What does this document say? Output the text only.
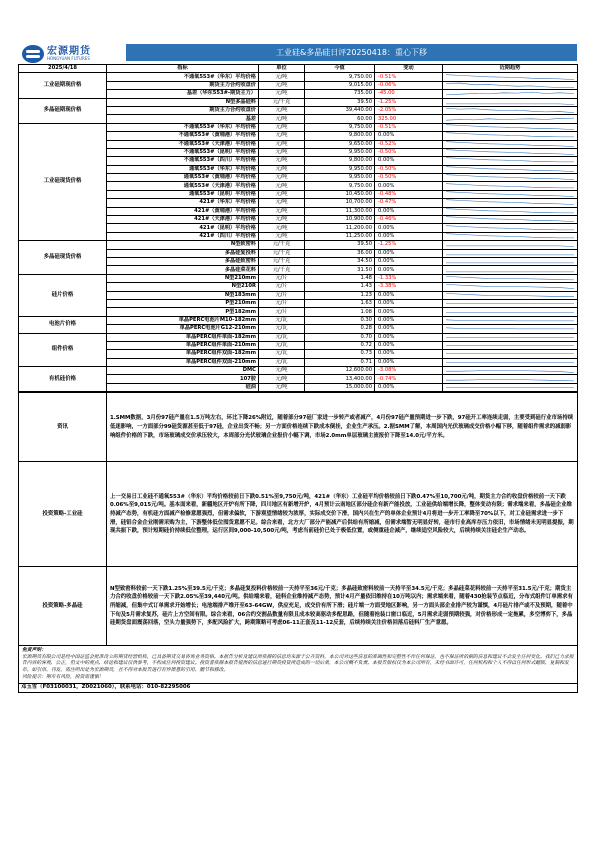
宏源期货
HONGYUAN FUTURES
工业硅&多晶硅日评20250418：重心下移
2025/4/18	指标	单位	今值	变动	近期趋势
工业硅期现价格	不通氧553#（华东）平均价格	元/吨	9,750.00	-0.51%	

	期货主力合约收盘价	元/吨	9,015.00	-0.06%	

	基差（华东553#-期货主力）	元/吨	735.00	-45.00	

多晶硅期现价格	N型多晶硅料	元/千克	39.50	-1.25%	

	期货主力合约收盘价	元/吨	39,440.00	-2.05%	

	基差	元/吨	60.00	325.00	

工业硅现货价格	不通氧553#（华东）平均价格	元/吨	9,750.00	-0.51%	

	不通氧553#（黄埔港）平均价格	元/吨	9,800.00	0.00%	

	不通氧553#（天津港）平均价格	元/吨	9,650.00	-0.52%	

	不通氧553#（昆明）平均价格	元/吨	9,950.00	-0.50%	

	不通氧553#（四川）平均价格	元/吨	9,800.00	0.00%	

	通氧553#（华东）平均价格	元/吨	9,950.00	-0.50%	

	通氧553#（黄埔港）平均价格	元/吨	9,950.00	-0.50%	

	通氧553#（天津港）平均价格	元/吨	9,750.00	0.00%	

	通氧553#（昆明）平均价格	元/吨	10,450.00	-0.48%	

	421#（华东）平均价格	元/吨	10,700.00	-0.47%	

	421#（黄埔港）平均价格	元/吨	11,300.00	0.00%	

	421#（天津港）平均价格	元/吨	10,900.00	-0.46%	

	421#（昆明）平均价格	元/吨	11,200.00	0.00%	

	421#（四川）平均价格	元/吨	11,250.00	0.00%	

多晶硅现货价格	N型致密料	元/千克	39.50	-1.25%	

	多晶硅复投料	元/千克	36.00	0.00%	

	多晶硅致密料	元/千克	34.50	0.00%	

	多晶硅菜花料	元/千克	31.50	0.00%	

硅片价格	N型210mm	元/片	1.48	-1.33%	

	N型210R	元/片	1.43	-3.38%	

	N型183mm	元/片	1.23	0.00%	

	P型210mm	元/片	1.63	0.00%	

	P型182mm	元/片	1.08	0.00%	

电池片价格	单晶PERC电池片M10-182mm	元/瓦	0.30	0.00%	

	单晶PERC电池片G12-210mm	元/瓦	0.28	0.00%	

组件价格	单晶PERC组件单面-182mm	元/瓦	0.70	0.00%	

	单晶PERC组件单面-210mm	元/瓦	0.72	0.00%	

	单晶PERC组件双面-182mm	元/瓦	0.73	0.00%	

	单晶PERC组件双面-210mm	元/瓦	0.71	0.00%	

有机硅价格	DMC	元/吨	12,600.00	-3.08%	

	107胶	元/吨	13,400.00	-0.74%	

	硅油	元/吨	15,000.00	0.00%	
资讯	1.SMM数据，3月份97硅产量在1.5万吨左右，环比下降26%附近，随着部分97硅厂家进一步转产或者减产，4月份97硅产量预期进一步下跌，97硅开工率连续走弱，主要受到硅行业市场持续低迷影响，一方面部分99硅货源甚至低于97硅，企业出货不畅；另一方面价格连续下跌成本倒挂，企业生产承压。2.据SMM了解，本周国内光伏玻璃成交价格小幅下移，随着组件需求的减弱影响组件价格的下跌，市场玻璃成交价承压较大，本周部分光伏玻璃企业报价小幅下调，市场2.0mm单层玻璃主流报价下降至14.0元/平方米。
投资策略-工业硅	上一交易日工业硅不通氧553#（华东）平均价格较前日下跌0.51%至9,750元/吨，421#（华东）工业硅平均价格较前日下跌0.47%至10,700元/吨，期货主力合约收盘价格较前一天下跌0.06%至9,015元/吨。基本面来看，新疆地区开炉有所下降，四川地区有新增开炉，4月预计云南地区部分硅企有新产能投放，工业硅供给端增长降，整体变动有限；需求端来看，多晶硅企业维持减产态势，有机硅方面减产检修意愿强烈，但需求偏软，下游观望情绪较为浓厚，实际成交价下滑，国内兴在生产的单体企业预计4月将进一步开工率降至70%以下，对工业硅需求进一步下滑，硅铝合金企业刚需采购为主，下游整体低位囤货意愿不足。综合来看，北方大厂部分产能减产后供给有所缩减，但需求端暂无明显好转，硅市行业高库存压力依旧，市场情绪未见明显提振，期现共振下跌，预计短期硅价持续低位整理，运行区间9,000-10,500元/吨，考虑当前硅价已处于极低位置，或侧重硅企减产，继续追空风险较大，后续持续关注硅企生产动态。
投资策略-多晶硅	N型致密料较前一天下跌1.25%至39.5元/千克；多晶硅复投料价格较前一天持平至36元/千克；多晶硅致密料较前一天持平至34.5元/千克；多晶硅菜花料较前一天持平至31.5元/千克；期货主力合约收盘价格较前一天下跌2.05%至39,440元/吨。供给端来看，硅料企业维持减产态势，预计4月产量依旧维持在10万吨以内；需求端来看，随着430抢装节点临近，分布式组件订单需求有所缩减，但集中式订单需求开始增长；电池端排产维开至63-64GW，供应充足，成交价有所下滑；硅片端一方面受地区影响，另一方面头部企业排产较为谨慎，4月硅片排产或不及预期，随着中下旬及5月需求复苏，硅片上方空间有限。综合来看，06合约交割品数量有限且成本较高驱动多配思路，但随着抢装口窗口临近，5月需求走弱预期较强，对价格形成一定拖累，多空博弈下，多晶硅期货盘面震荡回落，空头力量强势下，多配风险扩大，跨期策略可考虑06-11正套及11-12反套，后续持续关注价格回落后硅料厂生产意愿。

免责声明：
宏源期货有限公司是经中国证监会批准设立的期货经营机构，已具备期货交易咨询业务资格。本报告分析及建议所依据的信息均来源于公开资料，本公司对这些信息的准确性和完整性不作任何保证，也不保证所依据的信息和建议不会发生任何变化。我们已力求报告内容的客观、公正，但文中的观点、结论和建议仅供参考，不构成任何投资建议。投资者依据本报告提供的信息进行期货投资所造成的一切后果，本公司概不负责。本报告版权仅为本公司所有，未经书面许可，任何机构和个人不得以任何形式翻版、复制和发布。如引用、刊发，需注明出处为宏源期货，且不得对本报告进行有悖原意的引用、删节和修改。
风险提示：期市有风险，投资需谨慎！	

邓玉雪（F03100031，Z0021060），联系电话：010-82295006	
